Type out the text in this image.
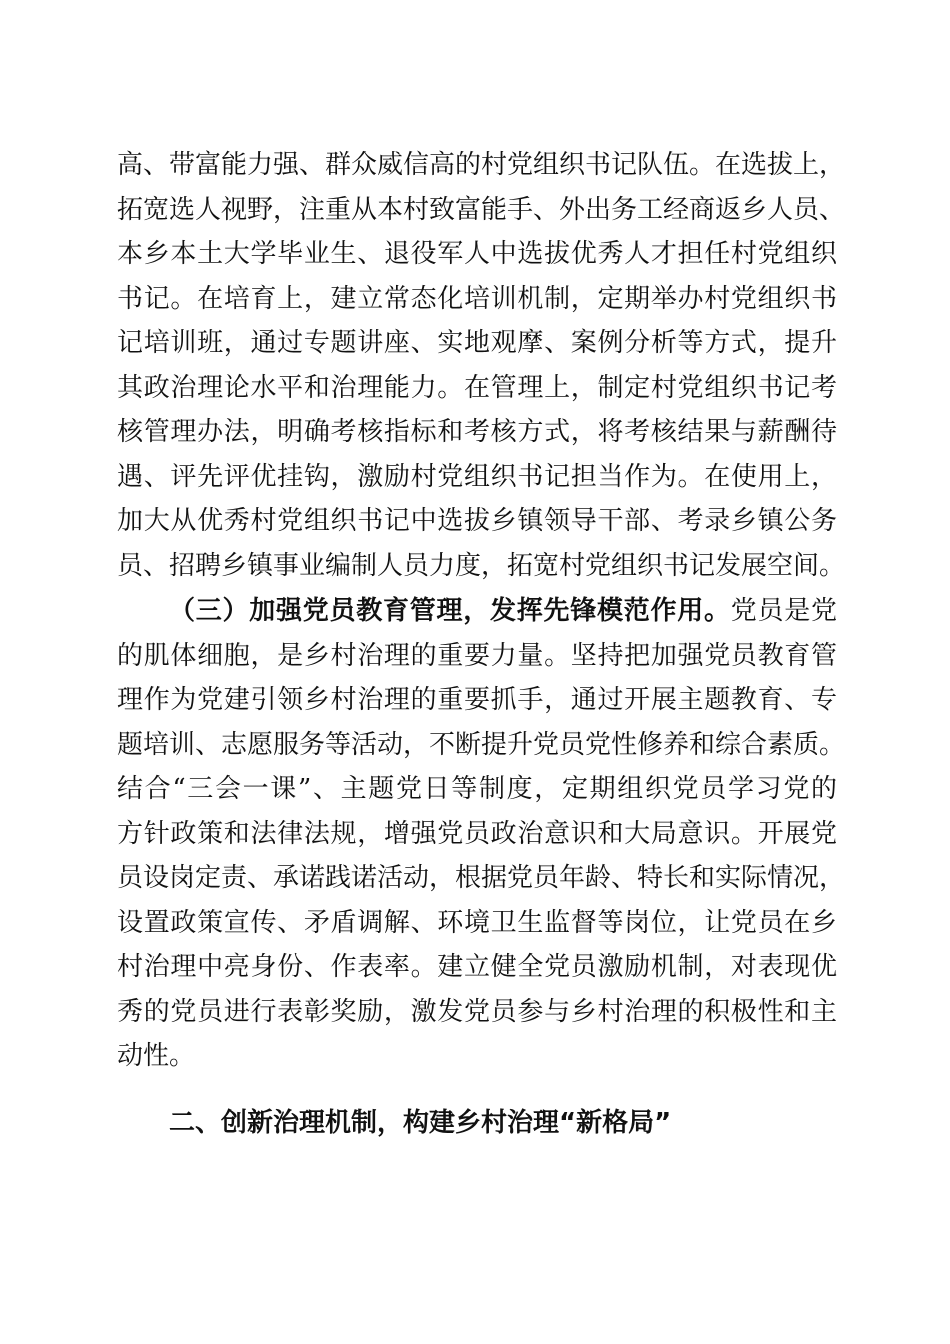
高、带富能力强、群众威信高的村党组织书记队伍。在选拔上，
拓宽选人视野，注重从本村致富能手、外出务工经商返乡人员、
本乡本土大学毕业生、退役军人中选拔优秀人才担任村党组织
书记。在培育上，建立常态化培训机制，定期举办村党组织书
记培训班，通过专题讲座、实地观摩、案例分析等方式，提升
其政治理论水平和治理能力。在管理上，制定村党组织书记考
核管理办法，明确考核指标和考核方式，将考核结果与薪酬待
遇、评先评优挂钩，激励村党组织书记担当作为。在使用上，
加大从优秀村党组织书记中选拔乡镇领导干部、考录乡镇公务
员、招聘乡镇事业编制人员力度，拓宽村党组织书记发展空间。
（三）加强党员教育管理，发挥先锋模范作用。党员是党
的肌体细胞，是乡村治理的重要力量。坚持把加强党员教育管
理作为党建引领乡村治理的重要抓手，通过开展主题教育、专
题培训、志愿服务等活动，不断提升党员党性修养和综合素质。
结合“三会一课”、主题党日等制度，定期组织党员学习党的
方针政策和法律法规，增强党员政治意识和大局意识。开展党
员设岗定责、承诺践诺活动，根据党员年龄、特长和实际情况，
设置政策宣传、矛盾调解、环境卫生监督等岗位，让党员在乡
村治理中亮身份、作表率。建立健全党员激励机制，对表现优
秀的党员进行表彰奖励，激发党员参与乡村治理的积极性和主
动性。
二、创新治理机制，构建乡村治理“新格局”
